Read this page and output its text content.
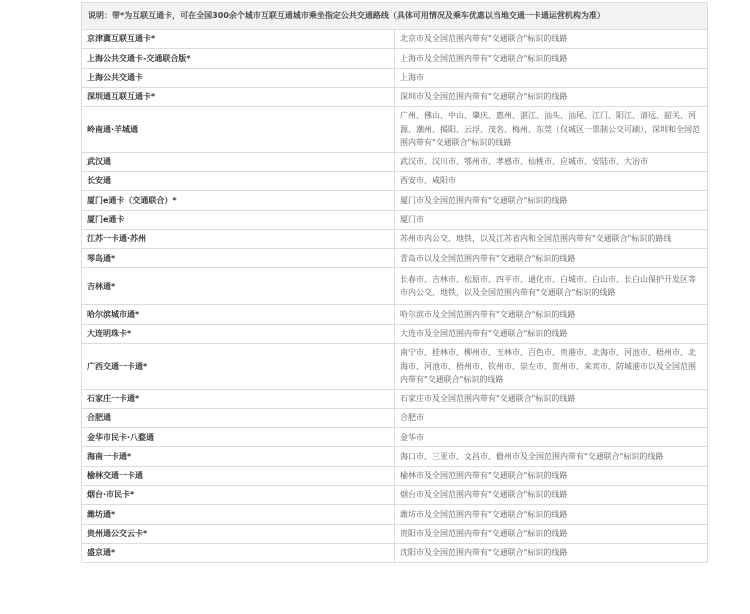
说明：带*为互联互通卡，可在全国300余个城市互联互通城市乘坐指定公共交通路线（具体可用情况及乘车优惠以当地交通一卡通运营机构为准）	
京津冀互联互通卡*	北京市及全国范围内带有"交通联合"标识的线路
上海公共交通卡-交通联合版*	上海市及全国范围内带有"交通联合"标识的线路
上海公共交通卡	上海市
深圳通互联互通卡*	深圳市及全国范围内带有"交通联合"标识的线路
岭南通·羊城通	广州、佛山、中山、肇庆、惠州、湛江、汕头、汕尾、江门、阳江、清远、韶关、河源、潮州、揭阳、云浮、茂名、梅州、东莞（仅城区一票制公交可刷）、深圳和全国范围内带有"交通联合"标识的线路
武汉通	武汉市、汉川市、鄂州市、孝感市、仙桃市、应城市、安陆市、大冶市
长安通	西安市、咸阳市
厦门e通卡（交通联合）*	厦门市及全国范围内带有"交通联合"标识的线路
厦门e通卡	厦门市
江苏一卡通·苏州	苏州市内公交、地铁，以及江苏省内和全国范围内带有"交通联合"标识的路线
琴岛通*	青岛市以及全国范围内带有"交通联合"标识的线路
吉林通*	长春市、吉林市、松原市、四平市、通化市、白城市、白山市、长白山保护开发区等市内公交、地铁，以及全国范围内带有"交通联合"标识的线路
哈尔滨城市通*	哈尔滨市及全国范围内带有"交通联合"标识的线路
大连明珠卡*	大连市及全国范围内带有"交通联合"标识的线路
广西交通一卡通*	南宁市、桂林市、柳州市、玉林市、百色市、贵港市、北海市、河池市、梧州市、北海市、河池市、梧州市、钦州市、崇左市、贺州市、来宾市、防城港市以及全国范围内带有"交通联合"标识的线路
石家庄一卡通*	石家庄市及全国范围内带有"交通联合"标识的线路
合肥通	合肥市
金华市民卡·八婺通	金华市
海南一卡通*	海口市、三亚市、文昌市、儋州市及全国范围内带有"交通联合"标识的线路
榆林交通一卡通	榆林市及全国范围内带有"交通联合"标识的线路
烟台·市民卡*	烟台市及全国范围内带有"交通联合"标识的线路
潍坊通*	潍坊市及全国范围内带有"交通联合"标识的线路
贵州通公交云卡*	贵阳市及全国范围内带有"交通联合"标识的线路
盛京通*	沈阳市及全国范围内带有"交通联合"标识的线路
